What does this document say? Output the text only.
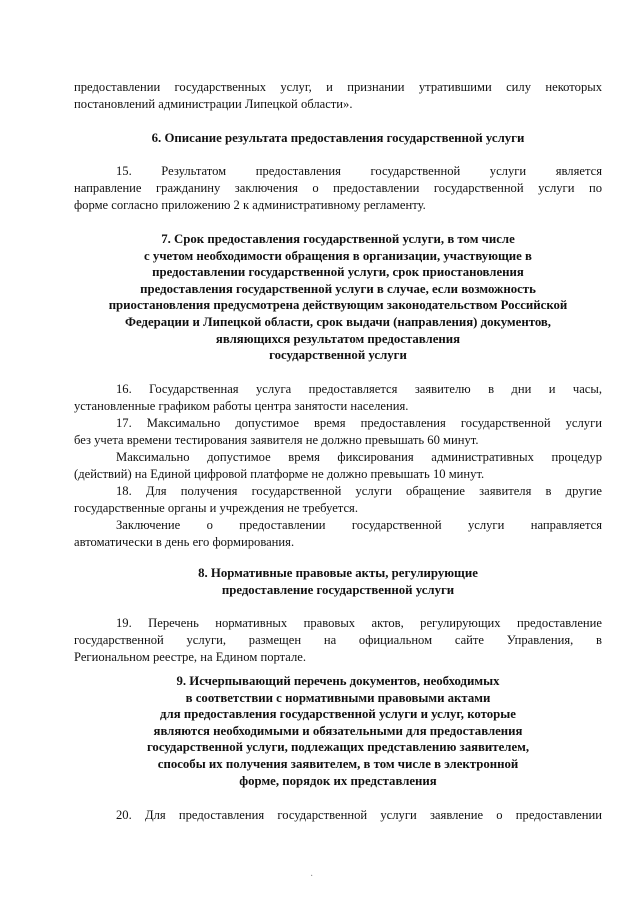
предоставлении государственных услуг, и признании утратившими силу некоторых
постановлений администрации Липецкой области».
6. Описание результата предоставления государственной услуги
15. Результатом предоставления государственной услуги является
направление гражданину заключения о предоставлении государственной услуги по
форме согласно приложению 2 к административному регламенту.
7. Срок предоставления государственной услуги, в том числе
с учетом необходимости обращения в организации, участвующие в
предоставлении государственной услуги, срок приостановления
предоставления государственной услуги в случае, если возможность
приостановления предусмотрена действующим законодательством Российской
Федерации и Липецкой области, срок выдачи (направления) документов,
являющихся результатом предоставления
государственной услуги
16. Государственная услуга предоставляется заявителю в дни и часы,
установленные графиком работы центра занятости населения.
17. Максимально допустимое время предоставления государственной услуги
без учета времени тестирования заявителя не должно превышать 60 минут.
Максимально допустимое время фиксирования административных процедур
(действий) на Единой цифровой платформе не должно превышать 10 минут.
18. Для получения государственной услуги обращение заявителя в другие
государственные органы и учреждения не требуется.
Заключение о предоставлении государственной услуги направляется
автоматически в день его формирования.
8. Нормативные правовые акты, регулирующие
предоставление государственной услуги
19. Перечень нормативных правовых актов, регулирующих предоставление
государственной услуги, размещен на официальном сайте Управления, в
Региональном реестре, на Едином портале.
9. Исчерпывающий перечень документов, необходимых
в соответствии с нормативными правовыми актами
для предоставления государственной услуги и услуг, которые
являются необходимыми и обязательными для предоставления
государственной услуги, подлежащих представлению заявителем,
способы их получения заявителем, в том числе в электронной
форме, порядок их представления
20. Для предоставления государственной услуги заявление о предоставлении
·
